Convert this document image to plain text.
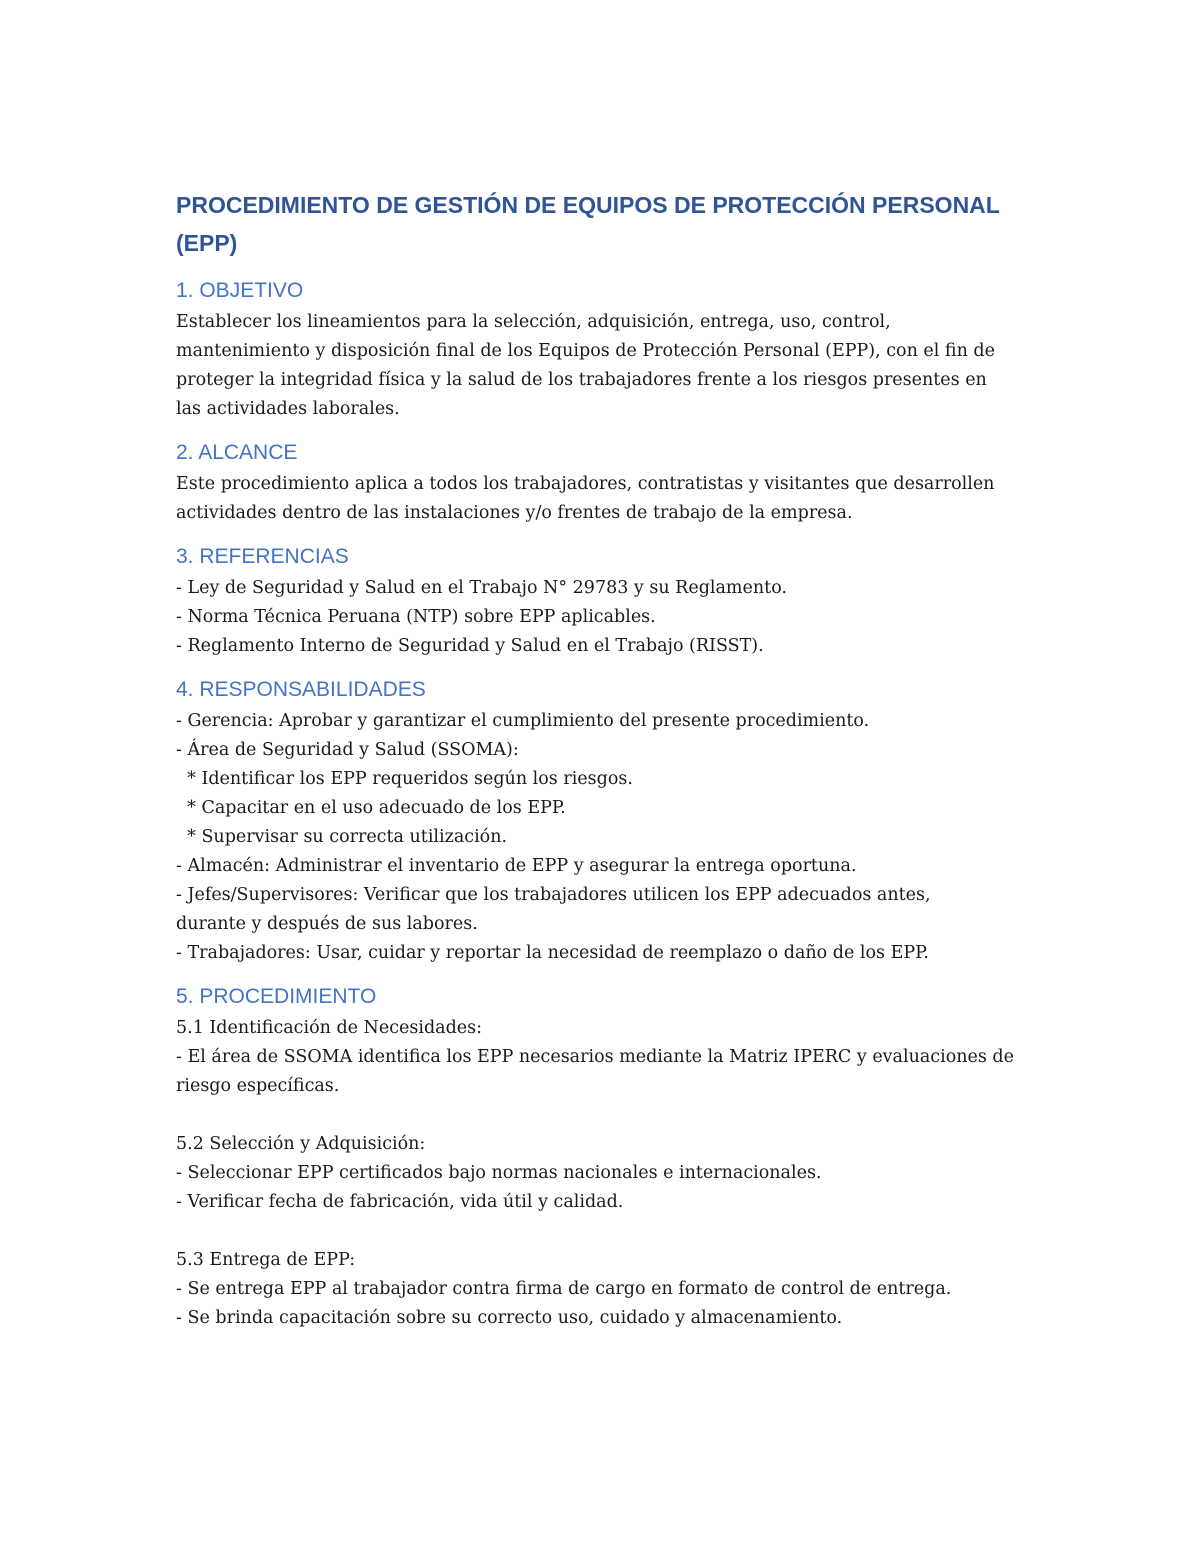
PROCEDIMIENTO DE GESTIÓN DE EQUIPOS DE PROTECCIÓN PERSONAL
(EPP)
1. OBJETIVO

Establecer los lineamientos para la selección, adquisición, entrega, uso, control,

mantenimiento y disposición final de los Equipos de Protección Personal (EPP), con el fin de

proteger la integridad física y la salud de los trabajadores frente a los riesgos presentes en

las actividades laborales.

2. ALCANCE

Este procedimiento aplica a todos los trabajadores, contratistas y visitantes que desarrollen

actividades dentro de las instalaciones y/o frentes de trabajo de la empresa.

3. REFERENCIAS

- Ley de Seguridad y Salud en el Trabajo N° 29783 y su Reglamento.

- Norma Técnica Peruana (NTP) sobre EPP aplicables.

- Reglamento Interno de Seguridad y Salud en el Trabajo (RISST).

4. RESPONSABILIDADES

- Gerencia: Aprobar y garantizar el cumplimiento del presente procedimiento.

- Área de Seguridad y Salud (SSOMA):

* Identificar los EPP requeridos según los riesgos.

* Capacitar en el uso adecuado de los EPP.

* Supervisar su correcta utilización.

- Almacén: Administrar el inventario de EPP y asegurar la entrega oportuna.

- Jefes/Supervisores: Verificar que los trabajadores utilicen los EPP adecuados antes,

durante y después de sus labores.

- Trabajadores: Usar, cuidar y reportar la necesidad de reemplazo o daño de los EPP.

5. PROCEDIMIENTO

5.1 Identificación de Necesidades:

- El área de SSOMA identifica los EPP necesarios mediante la Matriz IPERC y evaluaciones de

riesgo específicas.

5.2 Selección y Adquisición:

- Seleccionar EPP certificados bajo normas nacionales e internacionales.

- Verificar fecha de fabricación, vida útil y calidad.

5.3 Entrega de EPP:

- Se entrega EPP al trabajador contra firma de cargo en formato de control de entrega.

- Se brinda capacitación sobre su correcto uso, cuidado y almacenamiento.
